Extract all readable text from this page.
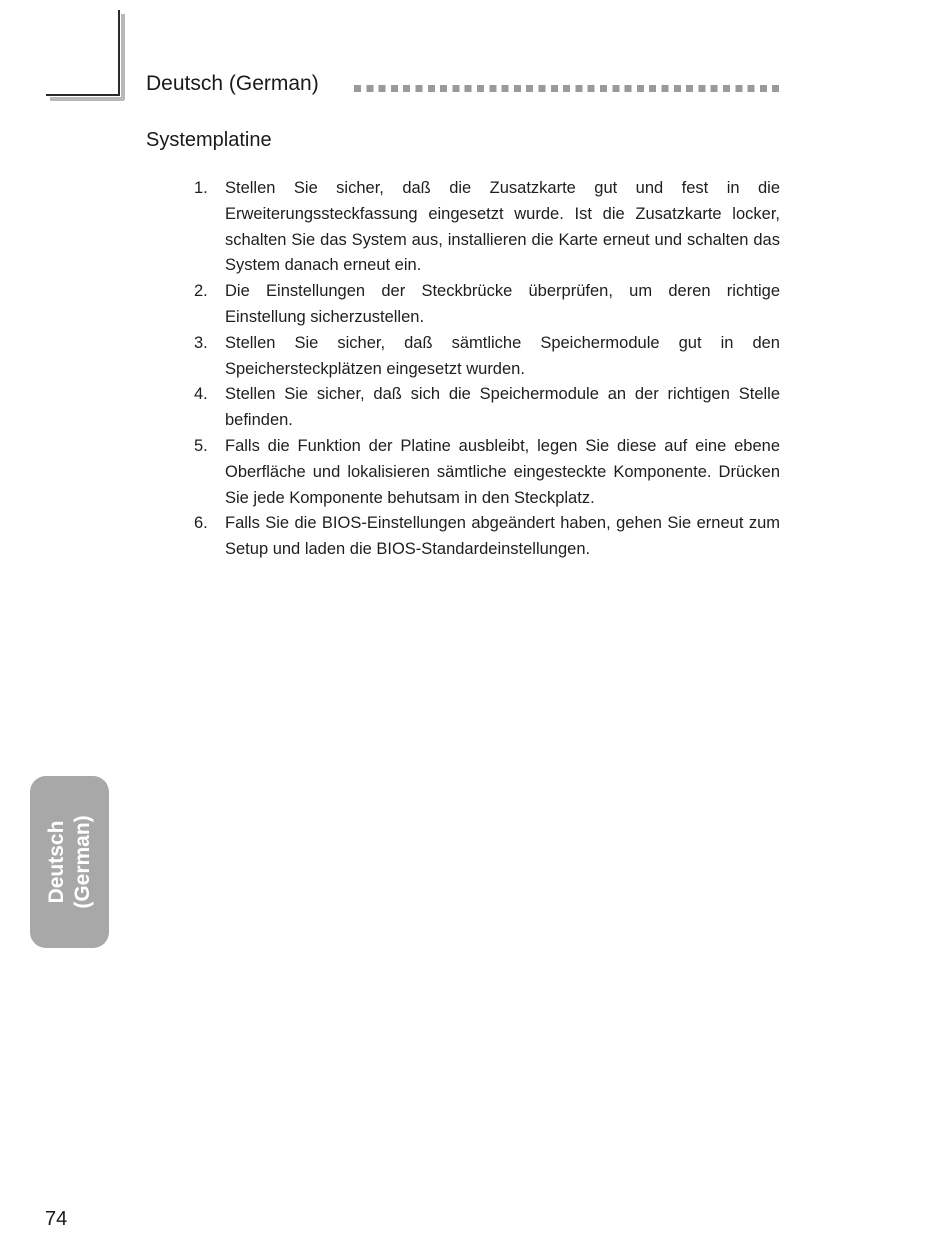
Deutsch (German)
Systemplatine
1. Stellen Sie sicher, daß die Zusatzkarte gut und fest in die Erweiterungssteckfassung eingesetzt wurde. Ist die Zusatzkarte locker, schalten Sie das System aus, installieren die Karte erneut und schalten das System danach erneut ein.
2. Die Einstellungen der Steckbrücke überprüfen, um deren richtige Einstellung sicherzustellen.
3. Stellen Sie sicher, daß sämtliche Speichermodule gut in den Speichersteckplätzen eingesetzt wurden.
4. Stellen Sie sicher, daß sich die Speichermodule an der richtigen Stelle befinden.
5. Falls die Funktion der Platine ausbleibt, legen Sie diese auf eine ebene Oberfläche und lokalisieren sämtliche eingesteckte Komponente. Drücken Sie jede Komponente behutsam in den Steckplatz.
6. Falls Sie die BIOS-Einstellungen abgeändert haben, gehen Sie erneut zum Setup und laden die BIOS-Standardeinstellungen.
Deutsch (German)
74
